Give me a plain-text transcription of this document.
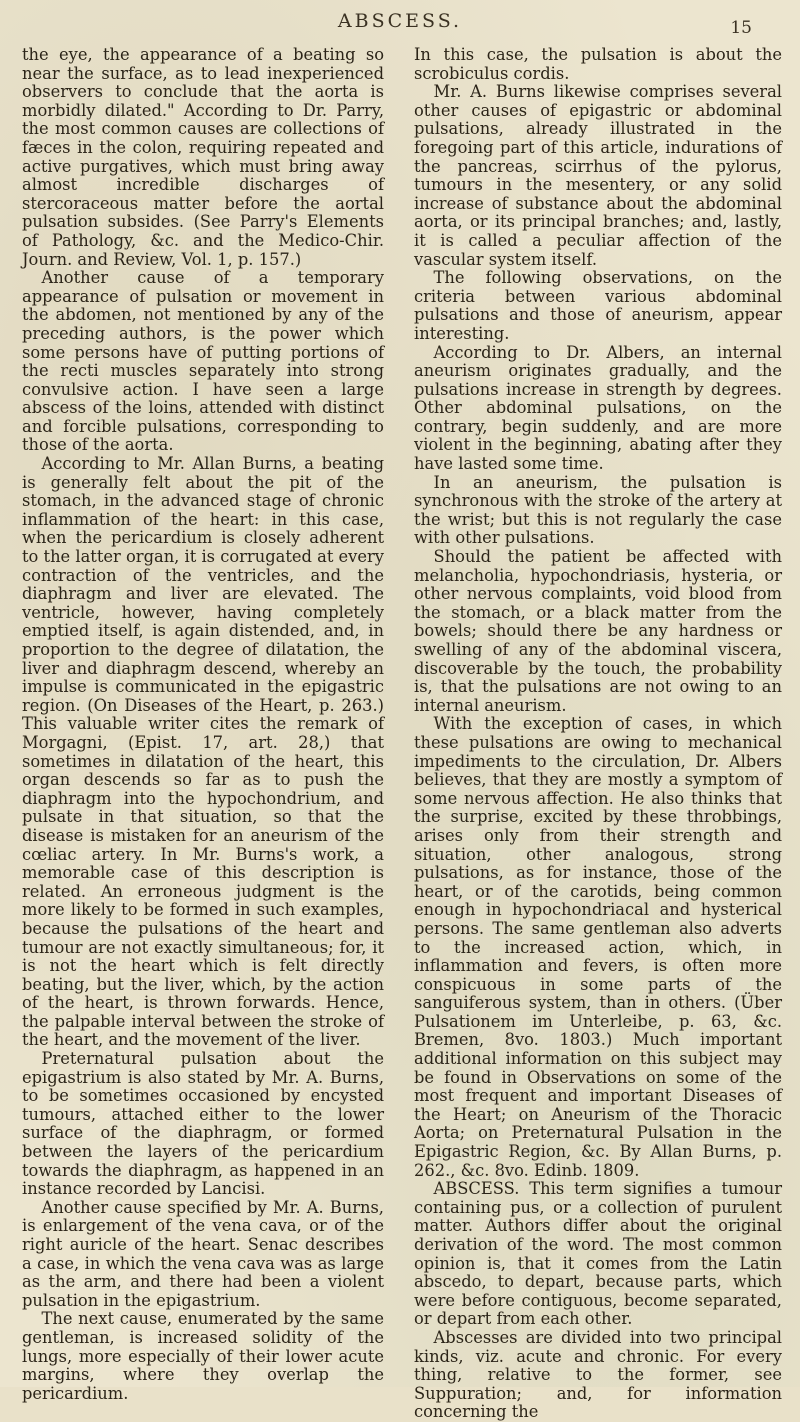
ABSCESS.	15

the eye, the appearance of a beating so near the surface, as to lead inexperienced observers to conclude that the aorta is morbidly dilated." According to Dr. Parry, the most common causes are collections of fæces in the colon, requiring repeated and active purgatives, which must bring away almost incredible discharges of stercoraceous matter before the aortal pulsation subsides. (See Parry's Elements of Pathology, &c. and the Medico-Chir. Journ. and Review, Vol. 1, p. 157.)

Another cause of a temporary appearance of pulsation or movement in the abdomen, not mentioned by any of the preceding authors, is the power which some persons have of putting portions of the recti muscles separately into strong convulsive action. I have seen a large abscess of the loins, attended with distinct and forcible pulsations, corresponding to those of the aorta.

According to Mr. Allan Burns, a beating is generally felt about the pit of the stomach, in the advanced stage of chronic inflammation of the heart: in this case, when the pericardium is closely adherent to the latter organ, it is corrugated at every contraction of the ventricles, and the diaphragm and liver are elevated. The ventricle, however, having completely emptied itself, is again distended, and, in proportion to the degree of dilatation, the liver and diaphragm descend, whereby an impulse is communicated in the epigastric region. (On Diseases of the Heart, p. 263.) This valuable writer cites the remark of Morgagni, (Epist. 17, art. 28,) that sometimes in dilatation of the heart, this organ descends so far as to push the diaphragm into the hypochondrium, and pulsate in that situation, so that the disease is mistaken for an aneurism of the cœliac artery. In Mr. Burns's work, a memorable case of this description is related. An erroneous judgment is the more likely to be formed in such examples, because the pulsations of the heart and tumour are not exactly simultaneous; for, it is not the heart which is felt directly beating, but the liver, which, by the action of the heart, is thrown forwards. Hence, the palpable interval between the stroke of the heart, and the movement of the liver.

Preternatural pulsation about the epigastrium is also stated by Mr. A. Burns, to be sometimes occasioned by encysted tumours, attached either to the lower surface of the diaphragm, or formed between the layers of the pericardium towards the diaphragm, as happened in an instance recorded by Lancisi.

Another cause specified by Mr. A. Burns, is enlargement of the vena cava, or of the right auricle of the heart. Senac describes a case, in which the vena cava was as large as the arm, and there had been a violent pulsation in the epigastrium.

The next cause, enumerated by the same gentleman, is increased solidity of the lungs, more especially of their lower acute margins, where they overlap the pericardium.

In this case, the pulsation is about the scrobiculus cordis.

Mr. A. Burns likewise comprises several other causes of epigastric or abdominal pulsations, already illustrated in the foregoing part of this article, indurations of the pancreas, scirrhus of the pylorus, tumours in the mesentery, or any solid increase of substance about the abdominal aorta, or its principal branches; and, lastly, it is called a peculiar affection of the vascular system itself.

The following observations, on the criteria between various abdominal pulsations and those of aneurism, appear interesting.

According to Dr. Albers, an internal aneurism originates gradually, and the pulsations increase in strength by degrees. Other abdominal pulsations, on the contrary, begin suddenly, and are more violent in the beginning, abating after they have lasted some time.

In an aneurism, the pulsation is synchronous with the stroke of the artery at the wrist; but this is not regularly the case with other pulsations.

Should the patient be affected with melancholia, hypochondriasis, hysteria, or other nervous complaints, void blood from the stomach, or a black matter from the bowels; should there be any hardness or swelling of any of the abdominal viscera, discoverable by the touch, the probability is, that the pulsations are not owing to an internal aneurism.

With the exception of cases, in which these pulsations are owing to mechanical impediments to the circulation, Dr. Albers believes, that they are mostly a symptom of some nervous affection. He also thinks that the surprise, excited by these throbbings, arises only from their strength and situation, other analogous, strong pulsations, as for instance, those of the heart, or of the carotids, being common enough in hypochondriacal and hysterical persons. The same gentleman also adverts to the increased action, which, in inflammation and fevers, is often more conspicuous in some parts of the sanguiferous system, than in others. (Über Pulsationem im Unterleibe, p. 63, &c. Bremen, 8vo. 1803.) Much important additional information on this subject may be found in Observations on some of the most frequent and important Diseases of the Heart; on Aneurism of the Thoracic Aorta; on Preternatural Pulsation in the Epigastric Region, &c. By Allan Burns, p. 262., &c. 8vo. Edinb. 1809.

ABSCESS. This term signifies a tumour containing pus, or a collection of purulent matter. Authors differ about the original derivation of the word. The most common opinion is, that it comes from the Latin abscedo, to depart, because parts, which were before contiguous, become separated, or depart from each other.

Abscesses are divided into two principal kinds, viz. acute and chronic. For every thing, relative to the former, see Suppuration; and, for information concerning the
